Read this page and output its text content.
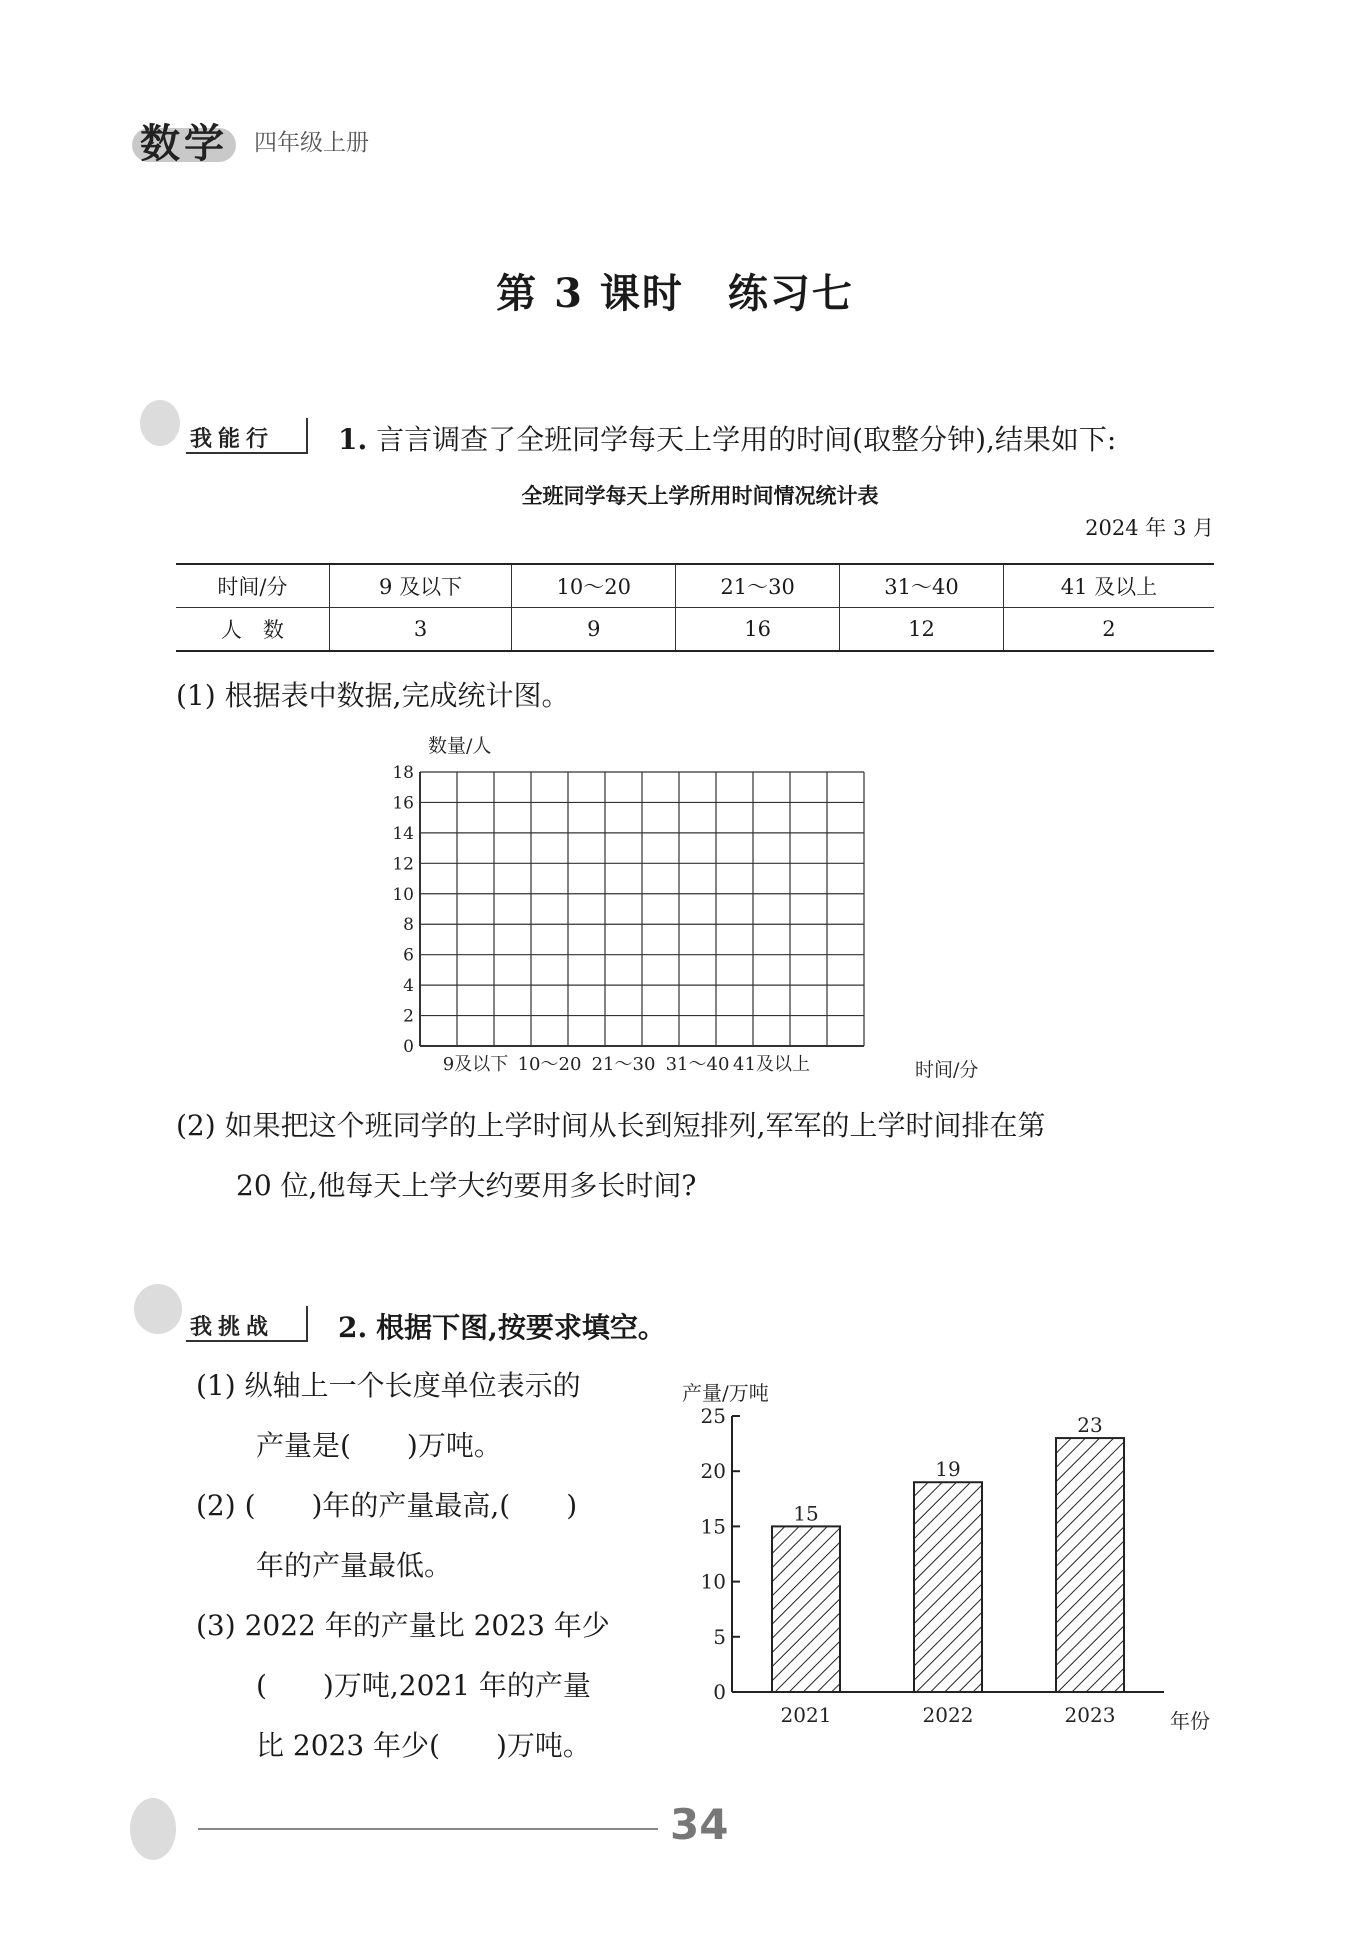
数学 四年级上册
第 3 课时 练习七
我能行 1. 言言调查了全班同学每天上学用的时间(取整分钟),结果如下:
全班同学每天上学所用时间情况统计表
2024 年 3 月
时间/分	9 及以下	10～20	21～30	31～40	41 及以上
人　数	3	9	16	12	2
(1) 根据表中数据,完成统计图。
数量/人
时间/分
0
2
4
6
8
10
12
14
16
18
9及以下 10～20 21～30 31～40 41及以上
(2) 如果把这个班同学的上学时间从长到短排列,军军的上学时间排在第
20 位,他每天上学大约要用多长时间?
我挑战 2. 根据下图,按要求填空。
(1) 纵轴上一个长度单位表示的
产量是(　　)万吨。
(2) (　　)年的产量最高,(　　)
年的产量最低。
(3) 2022 年的产量比 2023 年少
(　　)万吨,2021 年的产量
比 2023 年少(　　)万吨。
产量/万吨
年份
0
5
10
15
20
25
15
19
23
2021	2022	2023
34
